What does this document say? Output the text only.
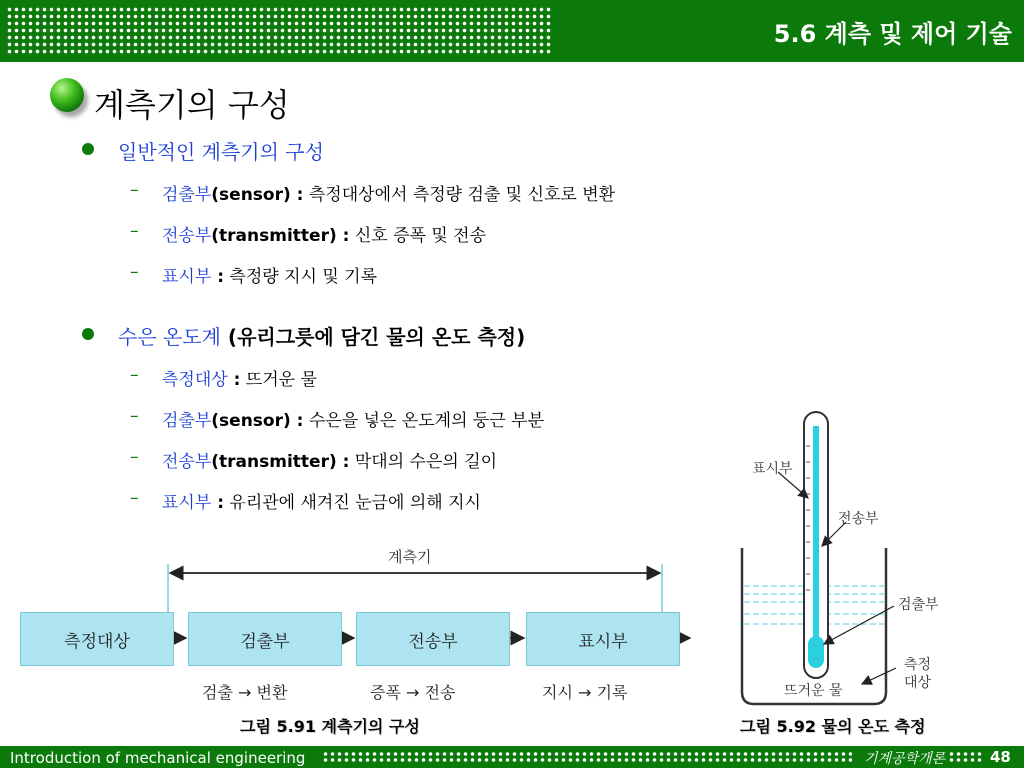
5.6 계측 및 제어 기술
계측기의 구성
일반적인 계측기의 구성
– 검출부(sensor) : 측정대상에서 측정량 검출 및 신호로 변환
– 전송부(transmitter) : 신호 증폭 및 전송
– 표시부 : 측정량 지시 및 기록
수은 온도계 (유리그릇에 담긴 물의 온도 측정)
– 측정대상 : 뜨거운 물
– 검출부(sensor) : 수은을 넣은 온도계의 둥근 부분
– 전송부(transmitter) : 막대의 수은의 길이
– 표시부 : 유리관에 새겨진 눈금에 의해 지시
계측기
측정대상	검출부	전송부	표시부
검출 → 변환	증폭 → 전송	지시 → 기록
그림 5.91 계측기의 구성
표시부
전송부
검출부
측정
대상
뜨거운 물
그림 5.92 물의 온도 측정
Introduction of mechanical engineering	기계공학개론	48
